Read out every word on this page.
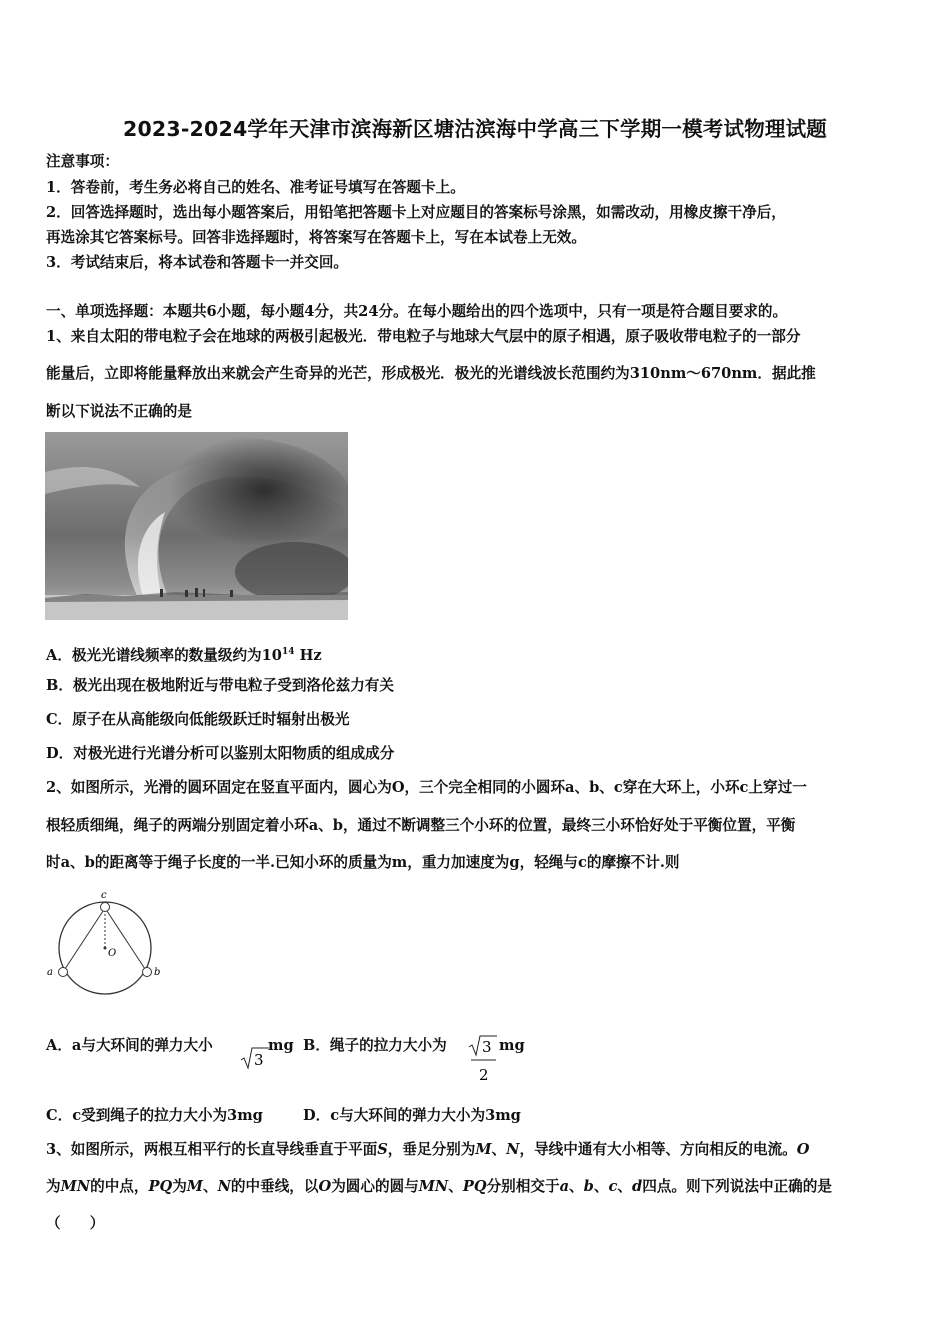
2023-2024学年天津市滨海新区塘沽滨海中学高三下学期一模考试物理试题
注意事项：
1．答卷前，考生务必将自己的姓名、准考证号填写在答题卡上。
2．回答选择题时，选出每小题答案后，用铅笔把答题卡上对应题目的答案标号涂黑，如需改动，用橡皮擦干净后，
再选涂其它答案标号。回答非选择题时，将答案写在答题卡上，写在本试卷上无效。
3．考试结束后，将本试卷和答题卡一并交回。
一、单项选择题：本题共6小题，每小题4分，共24分。在每小题给出的四个选项中，只有一项是符合题目要求的。
1、来自太阳的带电粒子会在地球的两极引起极光．带电粒子与地球大气层中的原子相遇，原子吸收带电粒子的一部分
能量后，立即将能量释放出来就会产生奇异的光芒，形成极光．极光的光谱线波长范围约为310nm～670nm．据此推
断以下说法不正确的是
A．极光光谱线频率的数量级约为$10^{14}$ Hz
B．极光出现在极地附近与带电粒子受到洛伦兹力有关
C．原子在从高能级向低能级跃迁时辐射出极光
D．对极光进行光谱分析可以鉴别太阳物质的组成成分
2、如图所示，光滑的圆环固定在竖直平面内，圆心为O，三个完全相同的小圆环a、b、c穿在大环上，小环c上穿过一
根轻质细绳，绳子的两端分别固定着小环a、b，通过不断调整三个小环的位置，最终三小环恰好处于平衡位置，平衡
时a、b的距离等于绳子长度的一半.已知小环的质量为m，重力加速度为g，轻绳与c的摩擦不计.则
c
O
a	b
A．a与大环间的弹力大小
3
mg B．绳子的拉力大小为 3
2
mg
C．c受到绳子的拉力大小为3mg	D．c与大环间的弹力大小为3mg
3、如图所示，两根互相平行的长直导线垂直于平面S，垂足分别为M、N，导线中通有大小相等、方向相反的电流。O
为MN的中点，PQ为M、N的中垂线，以O为圆心的圆与MN、PQ分别相交于a、b、c、d四点。则下列说法中正确的是
（　　）
